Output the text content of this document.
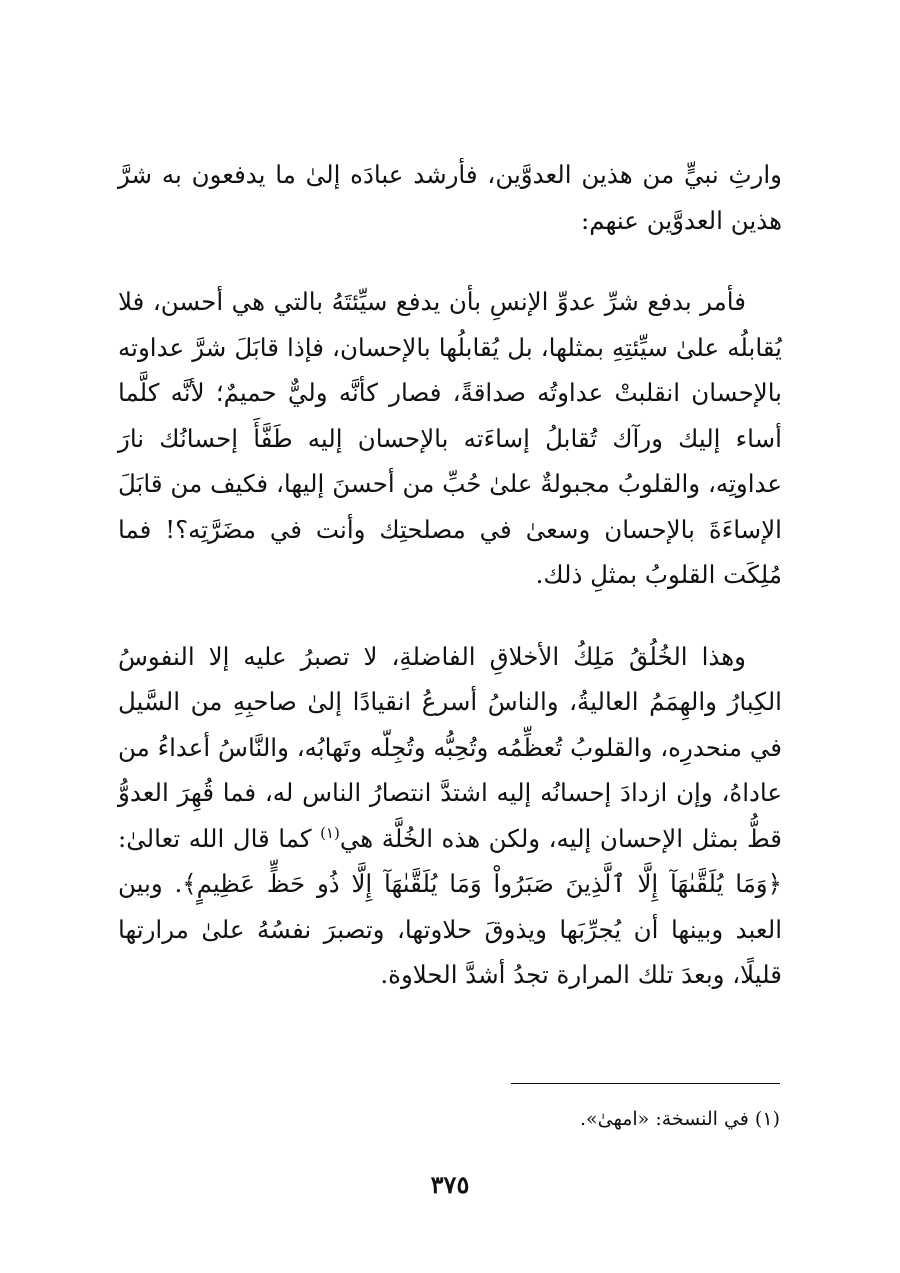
وارثِ نبيٍّ من هذين العدوَّين، فأرشد عبادَه إلىٰ ما يدفعون به شرَّ هذين العدوَّين عنهم:

فأمر بدفع شرِّ عدوِّ الإنسِ بأن يدفع سيِّئتَهُ بالتي هي أحسن، فلا يُقابلُه علىٰ سيِّئتِهِ بمثلها، بل يُقابلُها بالإحسان، فإذا قابَلَ شرَّ عداوته بالإحسان انقلبتْ عداوتُه صداقةً، فصار كأنَّه وليٌّ حميمٌ؛ لأنَّه كلَّما أساء إليك ورآك تُقابلُ إساءَته بالإحسان إليه طَفَّأَ إحسانُك نارَ عداوتِه، والقلوبُ مجبولةٌ علىٰ حُبِّ من أحسنَ إليها، فكيف من قابَلَ الإساءَةَ بالإحسان وسعىٰ في مصلحتِك وأنت في مضَرَّتِه؟! فما مُلِكَت القلوبُ بمثلِ ذلك.

وهذا الخُلُقُ مَلِكُ الأخلاقِ الفاضلةِ، لا تصبرُ عليه إلا النفوسُ الكِبارُ والهِمَمُ العاليةُ، والناسُ أسرعُ انقيادًا إلىٰ صاحبِهِ من السَّيل في منحدرِه، والقلوبُ تُعظِّمُه وتُحِبُّه وتُجِلّه وتَهابُه، والنَّاسُ أعداءُ من عاداهُ، وإن ازدادَ إحسانُه إليه اشتدَّ انتصارُ الناس له، فما قُهِرَ العدوُّ قطُّ بمثل الإحسان إليه، ولكن هذه الخُلَّة هي$^{(١)}$ كما قال الله تعالىٰ: ﴿وَمَا يُلَقَّىٰهَآ إِلَّا ٱلَّذِينَ صَبَرُواْ وَمَا يُلَقَّىٰهَآ إِلَّا ذُو حَظٍّ عَظِيمٍ﴾. وبين العبد وبينها أن يُجرِّبَها ويذوقَ حلاوتها، وتصبرَ نفسُهُ علىٰ مرارتها قليلًا، وبعدَ تلك المرارة تجدُ أشدَّ الحلاوة.

(١) في النسخة: «امهىٰ».
٣٧٥
